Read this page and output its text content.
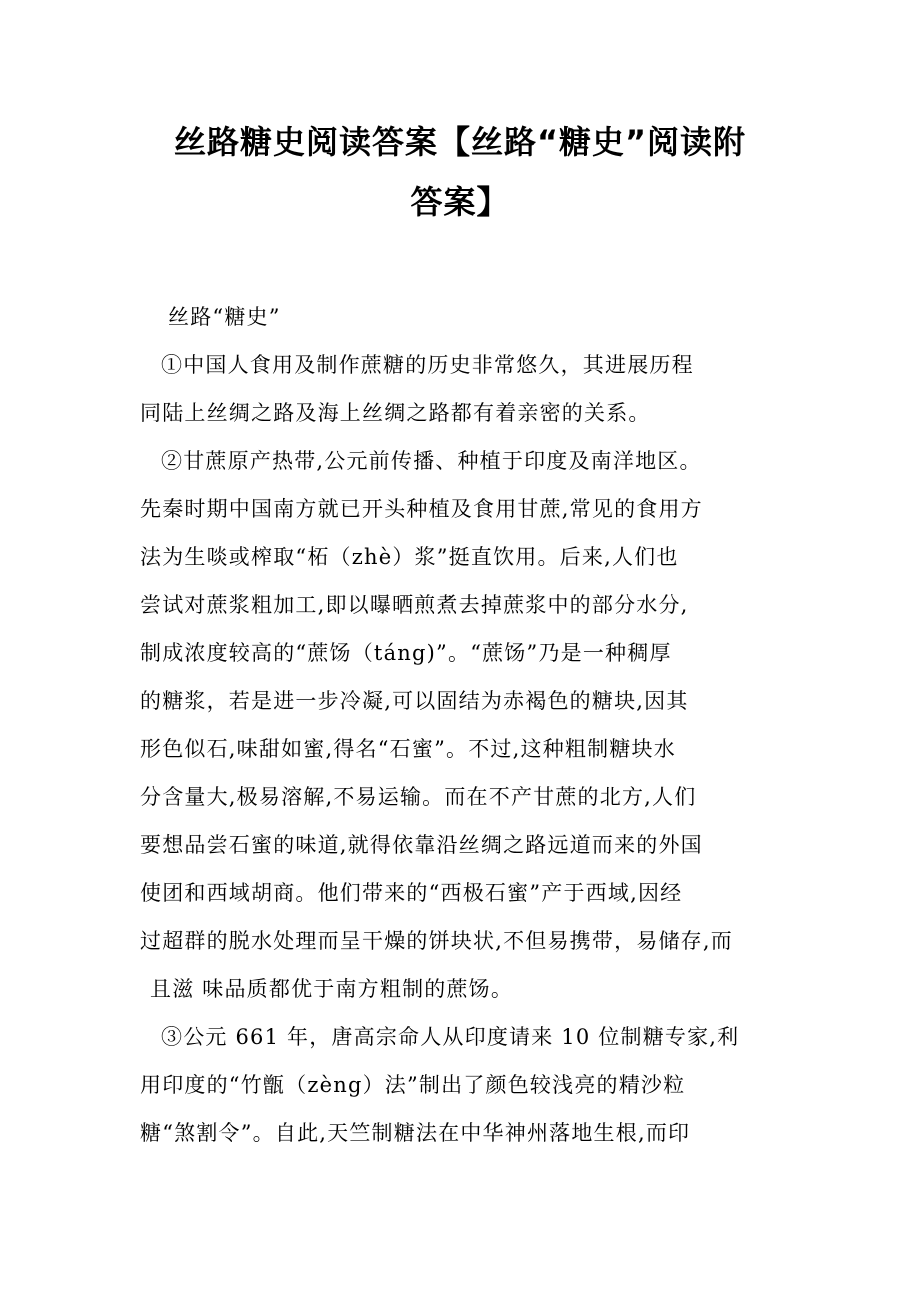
丝路糖史阅读答案【丝路“糖史”阅读附
答案】
丝路“糖史”
①中国人食用及制作蔗糖的历史非常悠久，其进展历程
同陆上丝绸之路及海上丝绸之路都有着亲密的关系。
②甘蔗原产热带,公元前传播、种植于印度及南洋地区。
先秦时期中国南方就已开头种植及食用甘蔗,常见的食用方
法为生啖或榨取“柘（zhè）浆”挺直饮用。后来,人们也
尝试对蔗浆粗加工,即以曝晒煎煮去掉蔗浆中的部分水分,
制成浓度较高的“蔗饧（táng)”。“蔗饧”乃是一种稠厚
的糖浆，若是进一步冷凝,可以固结为赤褐色的糖块,因其
形色似石,味甜如蜜,得名“石蜜”。不过,这种粗制糖块水
分含量大,极易溶解,不易运输。而在不产甘蔗的北方,人们
要想品尝石蜜的味道,就得依靠沿丝绸之路远道而来的外国
使团和西域胡商。他们带来的“西极石蜜”产于西域,因经
过超群的脱水处理而呈干燥的饼块状,不但易携带，易储存,而
且滋 味品质都优于南方粗制的蔗饧。
③公元 661 年，唐高宗命人从印度请来 10 位制糖专家,利
用印度的“竹甑（zèng）法”制出了颜色较浅亮的精沙粒
糖“煞割令”。自此,天竺制糖法在中华神州落地生根,而印
